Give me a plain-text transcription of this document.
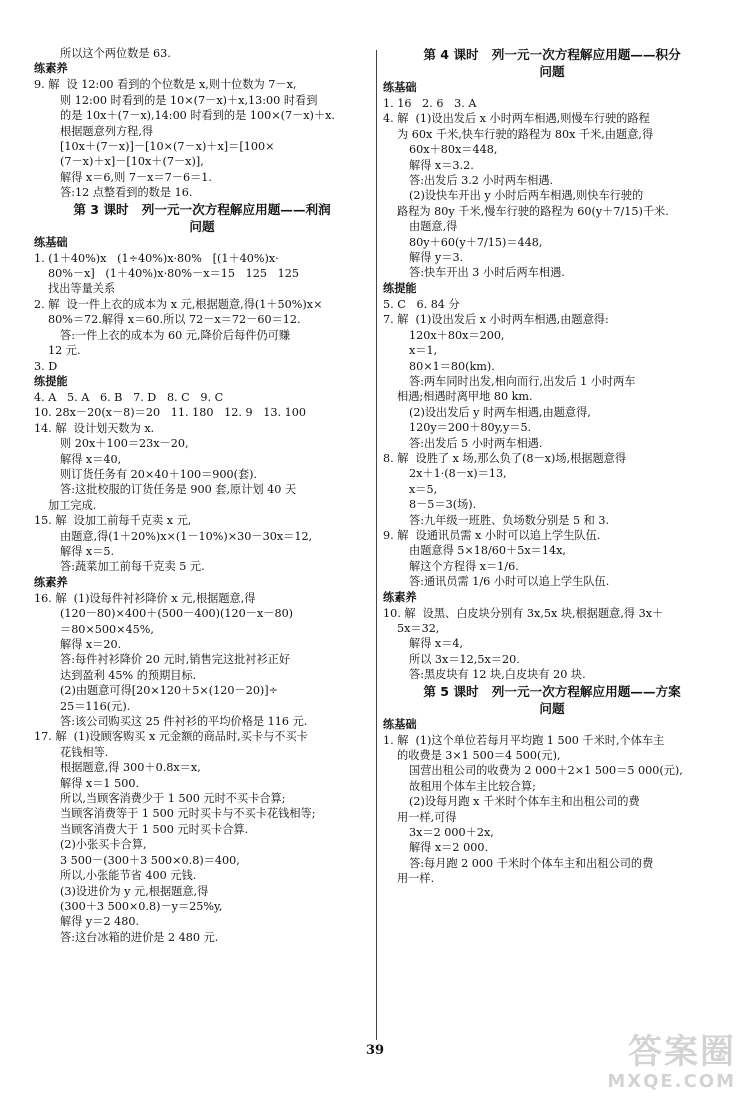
所以这个两位数是 63.
练素养
9. 解  设 12:00 看到的个位数是 x,则十位数为 7－x,
则 12:00 时看到的是 10×(7－x)＋x,13:00 时看到
的是 10x＋(7－x),14:00 时看到的是 100×(7－x)＋x.
根据题意列方程,得
[10x＋(7－x)]－[10×(7－x)＋x]＝[100×
(7－x)＋x]－[10x＋(7－x)],
解得 x＝6,则 7－x＝7－6＝1.
答:12 点整看到的数是 16.
第 3 课时   列一元一次方程解应用题——利润
问题
练基础
1. (1＋40%)x   (1÷40%)x·80%   [(1＋40%)x·
80%－x]   (1＋40%)x·80%－x＝15   125   125
找出等量关系
2. 解  设一件上衣的成本为 x 元,根据题意,得(1＋50%)x×
80%＝72.解得 x＝60.所以 72－x＝72－60＝12.
答:一件上衣的成本为 60 元,降价后每件仍可赚
12 元.
3. D
练提能
4. A   5. A   6. B   7. D   8. C   9. C
10. 28x－20(x－8)＝20   11. 180   12. 9   13. 100
14. 解  设计划天数为 x.
则 20x＋100＝23x－20,
解得 x＝40,
则订货任务有 20×40＋100＝900(套).
答:这批校服的订货任务是 900 套,原计划 40 天
加工完成.
15. 解  设加工前每千克卖 x 元,
由题意,得(1＋20%)x×(1－10%)×30－30x＝12,
解得 x＝5.
答:蔬菜加工前每千克卖 5 元.
练素养
16. 解  (1)设每件衬衫降价 x 元,根据题意,得
(120－80)×400＋(500－400)(120－x－80)
＝80×500×45%,
解得 x＝20.
答:每件衬衫降价 20 元时,销售完这批衬衫正好
达到盈利 45% 的预期目标.
(2)由题意可得[20×120＋5×(120－20)]÷
25＝116(元).
答:该公司购买这 25 件衬衫的平均价格是 116 元.
17. 解  (1)设顾客购买 x 元金额的商品时,买卡与不买卡
花钱相等.
根据题意,得 300＋0.8x＝x,
解得 x＝1 500.
所以,当顾客消费少于 1 500 元时不买卡合算;
当顾客消费等于 1 500 元时买卡与不买卡花钱相等;
当顾客消费大于 1 500 元时买卡合算.
(2)小张买卡合算,
3 500－(300＋3 500×0.8)＝400,
所以,小张能节省 400 元钱.
(3)设进价为 y 元,根据题意,得
(300＋3 500×0.8)－y＝25%y,
解得 y＝2 480.
答:这台冰箱的进价是 2 480 元.
第 4 课时   列一元一次方程解应用题——积分
问题
练基础
1. 16   2. 6   3. A
4. 解  (1)设出发后 x 小时两车相遇,则慢车行驶的路程
为 60x 千米,快车行驶的路程为 80x 千米,由题意,得
60x＋80x＝448,
解得 x＝3.2.
答:出发后 3.2 小时两车相遇.
(2)设快车开出 y 小时后两车相遇,则快车行驶的
路程为 80y 千米,慢车行驶的路程为 60(y＋7/15)千米.
由题意,得
80y＋60(y＋7/15)＝448,
解得 y＝3.
答:快车开出 3 小时后两车相遇.
练提能
5. C   6. 84 分
7. 解  (1)设出发后 x 小时两车相遇,由题意得:
120x＋80x＝200,
x＝1,
80×1＝80(km).
答:两车同时出发,相向而行,出发后 1 小时两车
相遇;相遇时离甲地 80 km.
(2)设出发后 y 时两车相遇,由题意得,
120y＝200＋80y,y＝5.
答:出发后 5 小时两车相遇.
8. 解  设胜了 x 场,那么负了(8－x)场,根据题意得
2x＋1·(8－x)＝13,
x＝5,
8－5＝3(场).
答:九年级一班胜、负场数分别是 5 和 3.
9. 解  设通讯员需 x 小时可以追上学生队伍.
由题意得 5×18/60＋5x＝14x,
解这个方程得 x＝1/6.
答:通讯员需 1/6 小时可以追上学生队伍.
练素养
10. 解  设黑、白皮块分别有 3x,5x 块,根据题意,得 3x＋
5x＝32,
解得 x＝4,
所以 3x＝12,5x＝20.
答:黑皮块有 12 块,白皮块有 20 块.
第 5 课时   列一元一次方程解应用题——方案
问题
练基础
1. 解  (1)这个单位若每月平均跑 1 500 千米时,个体车主
的收费是 3×1 500＝4 500(元),
国营出租公司的收费为 2 000＋2×1 500＝5 000(元),
故租用个体车主比较合算;
(2)设每月跑 x 千米时个体车主和出租公司的费
用一样,可得
3x＝2 000＋2x,
解得 x＝2 000.
答:每月跑 2 000 千米时个体车主和出租公司的费
用一样.
39	答案圈
MXQE.COM
